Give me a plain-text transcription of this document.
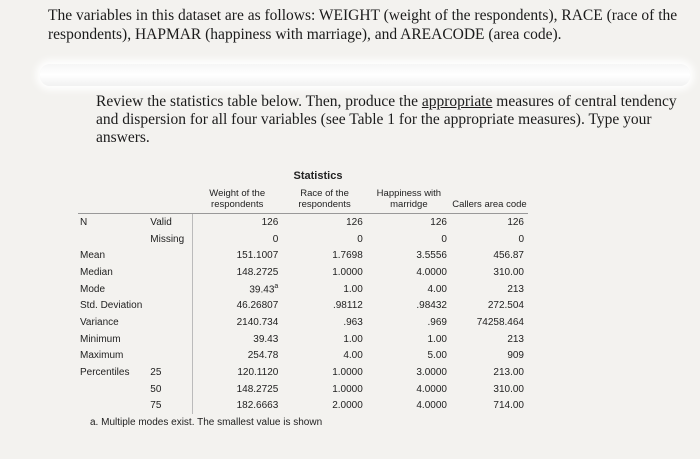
The variables in this dataset are as follows: WEIGHT (weight of the respondents), RACE (race of the respondents), HAPMAR (happiness with marriage), and AREACODE (area code).
Review the statistics table below. Then, produce the appropriate measures of central tendency and dispersion for all four variables (see Table 1 for the appropriate measures). Type your answers.
Statistics
		Weight of the respondents	Race of the respondents	Happiness with marridge	Callers area code
N	Valid	126	126	126	126
	Missing	0	0	0	0
Mean		151.1007	1.7698	3.5556	456.87
Median		148.2725	1.0000	4.0000	310.00
Mode		39.43$^a$	1.00	4.00	213
Std. Deviation		46.26807	.98112	.98432	272.504
Variance		2140.734	.963	.969	74258.464
Minimum		39.43	1.00	1.00	213
Maximum		254.78	4.00	5.00	909
Percentiles	25	120.1120	1.0000	3.0000	213.00
	50	148.2725	1.0000	4.0000	310.00
	75	182.6663	2.0000	4.0000	714.00
a. Multiple modes exist. The smallest value is shown
